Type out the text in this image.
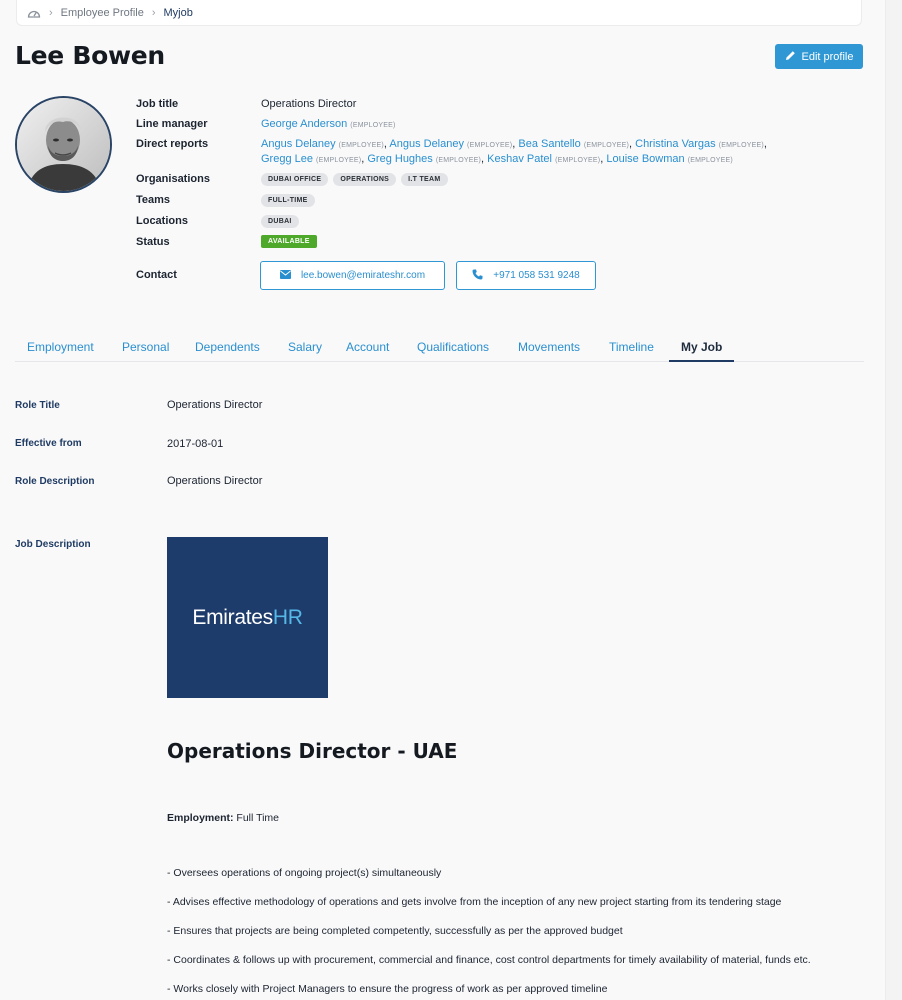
› Employee Profile › Myjob
Lee Bowen	Edit profile
Job title	Operations Director
Line manager	George Anderson (EMPLOYEE)
Direct reports	Angus Delaney (EMPLOYEE), Angus Delaney (EMPLOYEE), Bea Santello (EMPLOYEE), Christina Vargas (EMPLOYEE),
Gregg Lee (EMPLOYEE), Greg Hughes (EMPLOYEE), Keshav Patel (EMPLOYEE), Louise Bowman (EMPLOYEE)
Organisations	DUBAI OFFICE	OPERATIONS	I.T TEAM
Teams	FULL-TIME
Locations	DUBAI
Status	AVAILABLE
Contact	lee.bowen@emirateshr.com	+971 058 531 9248
Employment Personal Dependents Salary Account Qualifications Movements Timeline My Job
Role Title	Operations Director
Effective from	2017-08-01
Role Description	Operations Director
Job Description
EmiratesHR
Operations Director - UAE
Employment: Full Time
- Oversees operations of ongoing project(s) simultaneously
- Advises effective methodology of operations and gets involve from the inception of any new project starting from its tendering stage
- Ensures that projects are being completed competently, successfully as per the approved budget
- Coordinates & follows up with procurement, commercial and finance, cost control departments for timely availability of material, funds etc.
- Works closely with Project Managers to ensure the progress of work as per approved timeline
